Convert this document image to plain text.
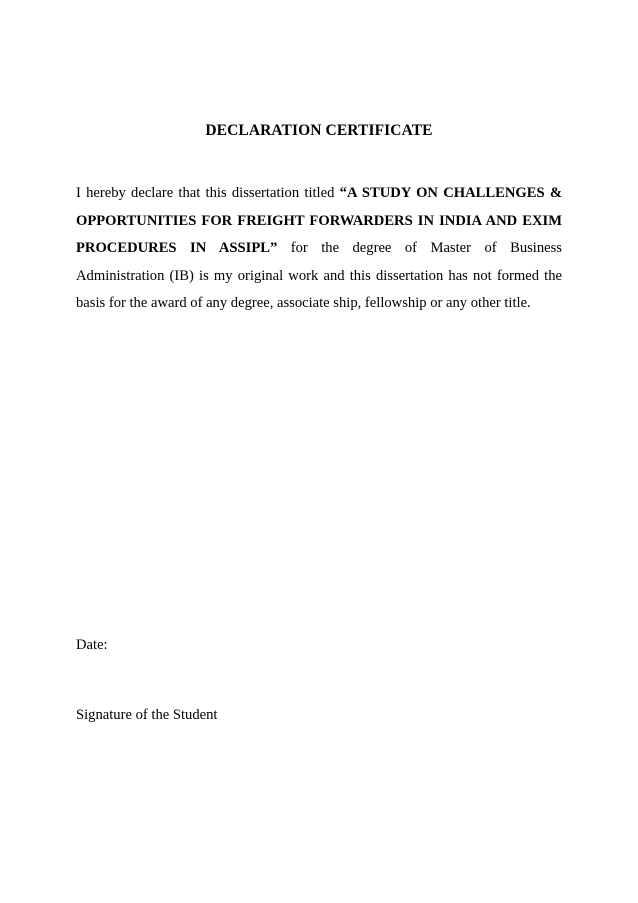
DECLARATION CERTIFICATE

I hereby declare that this dissertation titled “A STUDY ON CHALLENGES & OPPORTUNITIES FOR FREIGHT FORWARDERS IN INDIA AND EXIM PROCEDURES IN ASSIPL” for the degree of Master of Business Administration (IB) is my original work and this dissertation has not formed the basis for the award of any degree, associate ship, fellowship or any other title.

Date:

Signature of the Student
